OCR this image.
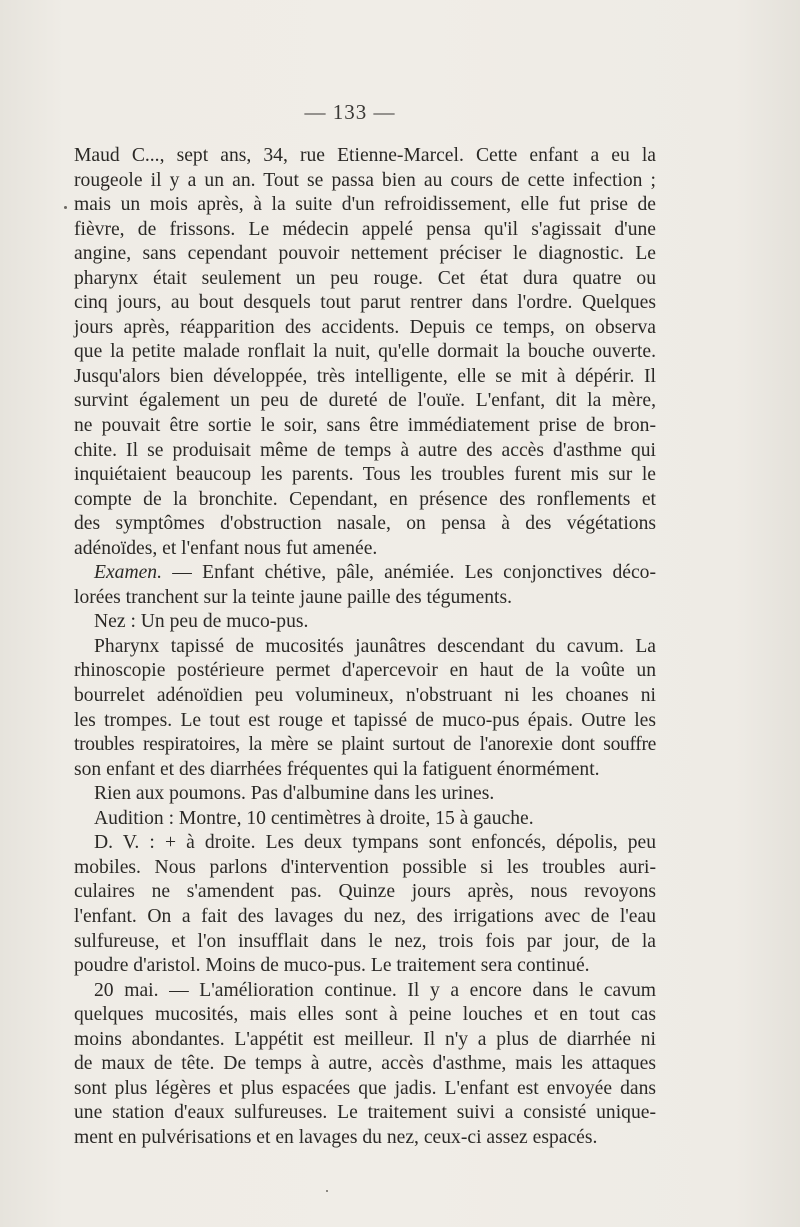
— 133 —

Maud C..., sept ans, 34, rue Etienne-Marcel. Cette enfant a eu la

rougeole il y a un an. Tout se passa bien au cours de cette infection ;

mais un mois après, à la suite d'un refroidissement, elle fut prise de

fièvre, de frissons. Le médecin appelé pensa qu'il s'agissait d'une

angine, sans cependant pouvoir nettement préciser le diagnostic. Le

pharynx était seulement un peu rouge. Cet état dura quatre ou

cinq jours, au bout desquels tout parut rentrer dans l'ordre. Quelques

jours après, réapparition des accidents. Depuis ce temps, on observa

que la petite malade ronflait la nuit, qu'elle dormait la bouche ouverte.

Jusqu'alors bien développée, très intelligente, elle se mit à dépérir. Il

survint également un peu de dureté de l'ouïe. L'enfant, dit la mère,

ne pouvait être sortie le soir, sans être immédiatement prise de bron-

chite. Il se produisait même de temps à autre des accès d'asthme qui

inquiétaient beaucoup les parents. Tous les troubles furent mis sur le

compte de la bronchite. Cependant, en présence des ronflements et

des symptômes d'obstruction nasale, on pensa à des végétations

adénoïdes, et l'enfant nous fut amenée.

Examen. — Enfant chétive, pâle, anémiée. Les conjonctives déco-

lorées tranchent sur la teinte jaune paille des téguments.

Nez : Un peu de muco-pus.

Pharynx tapissé de mucosités jaunâtres descendant du cavum. La

rhinoscopie postérieure permet d'apercevoir en haut de la voûte un

bourrelet adénoïdien peu volumineux, n'obstruant ni les choanes ni

les trompes. Le tout est rouge et tapissé de muco-pus épais. Outre les

troubles respiratoires, la mère se plaint surtout de l'anorexie dont souffre

son enfant et des diarrhées fréquentes qui la fatiguent énormément.

Rien aux poumons. Pas d'albumine dans les urines.

Audition : Montre, 10 centimètres à droite, 15 à gauche.

D. V. : + à droite. Les deux tympans sont enfoncés, dépolis, peu

mobiles. Nous parlons d'intervention possible si les troubles auri-

culaires ne s'amendent pas. Quinze jours après, nous revoyons

l'enfant. On a fait des lavages du nez, des irrigations avec de l'eau

sulfureuse, et l'on insufflait dans le nez, trois fois par jour, de la

poudre d'aristol. Moins de muco-pus. Le traitement sera continué.

20 mai. — L'amélioration continue. Il y a encore dans le cavum

quelques mucosités, mais elles sont à peine louches et en tout cas

moins abondantes. L'appétit est meilleur. Il n'y a plus de diarrhée ni

de maux de tête. De temps à autre, accès d'asthme, mais les attaques

sont plus légères et plus espacées que jadis. L'enfant est envoyée dans

une station d'eaux sulfureuses. Le traitement suivi a consisté unique-

ment en pulvérisations et en lavages du nez, ceux-ci assez espacés.
